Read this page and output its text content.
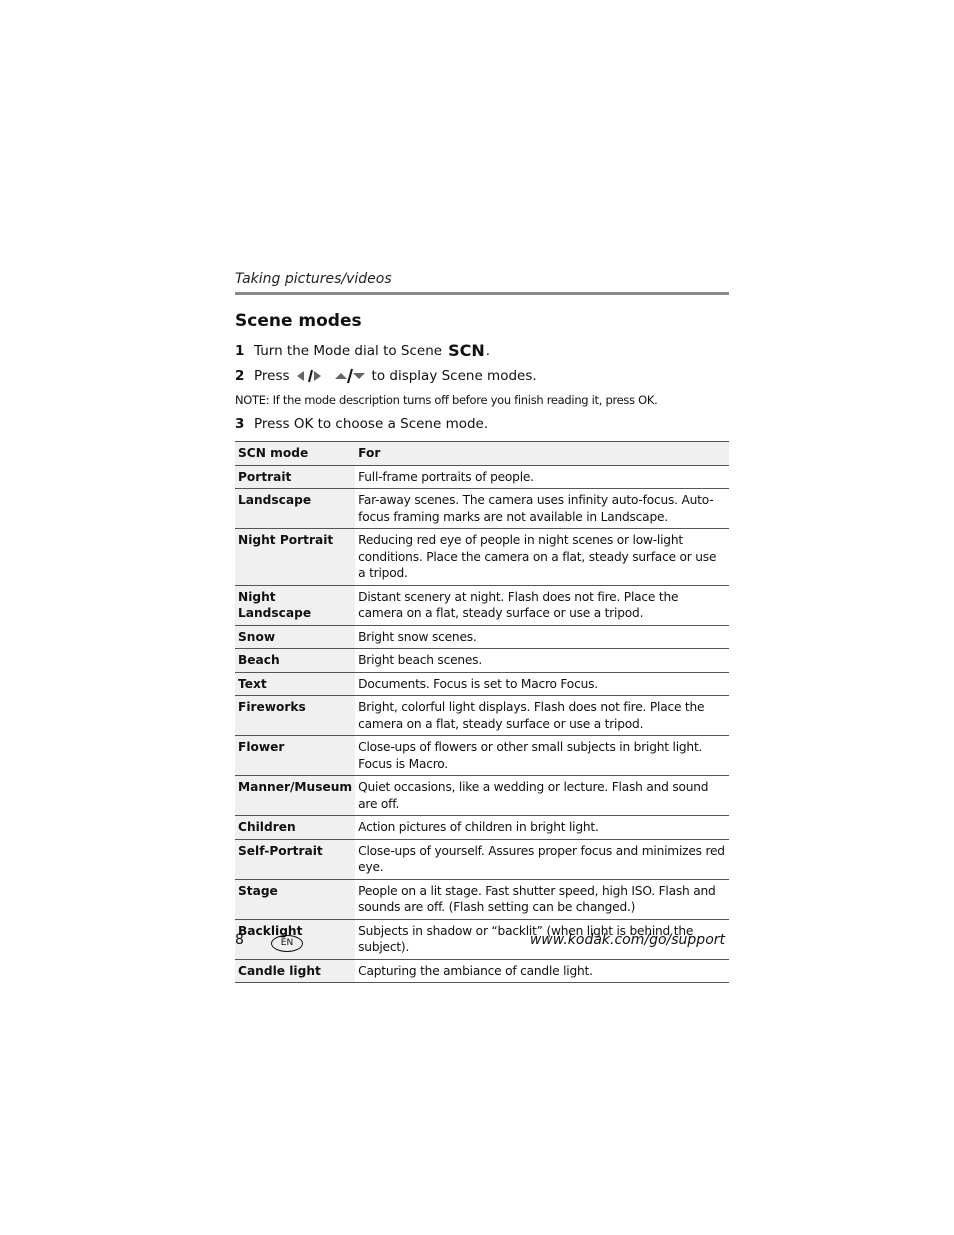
Taking pictures/videos
Scene modes
1 Turn the Mode dial to Scene SCN .
2 Press	to display Scene modes.
NOTE: If the mode description turns off before you finish reading it, press OK.
3 Press OK to choose a Scene mode.
SCN mode	For
Portrait	Full-frame portraits of people.
Landscape	Far-away scenes. The camera uses infinity auto-focus. Auto-focus framing marks are not available in Landscape.
Night Portrait	Reducing red eye of people in night scenes or low-light conditions. Place the camera on a flat, steady surface or use a tripod.
Night Landscape	Distant scenery at night. Flash does not fire. Place the camera on a flat, steady surface or use a tripod.
Snow	Bright snow scenes.
Beach	Bright beach scenes.
Text	Documents. Focus is set to Macro Focus.
Fireworks	Bright, colorful light displays. Flash does not fire. Place the camera on a flat, steady surface or use a tripod.
Flower	Close-ups of flowers or other small subjects in bright light. Focus is Macro.
Manner/Museum	Quiet occasions, like a wedding or lecture. Flash and sound are off.
Children	Action pictures of children in bright light.
Self-Portrait	Close-ups of yourself. Assures proper focus and minimizes red eye.
Stage	People on a lit stage. Fast shutter speed, high ISO. Flash and sounds are off. (Flash setting can be changed.)
Backlight	Subjects in shadow or “backlit” (when light is behind the subject).
Candle light	Capturing the ambiance of candle light.
8	EN	www.kodak.com/go/support
